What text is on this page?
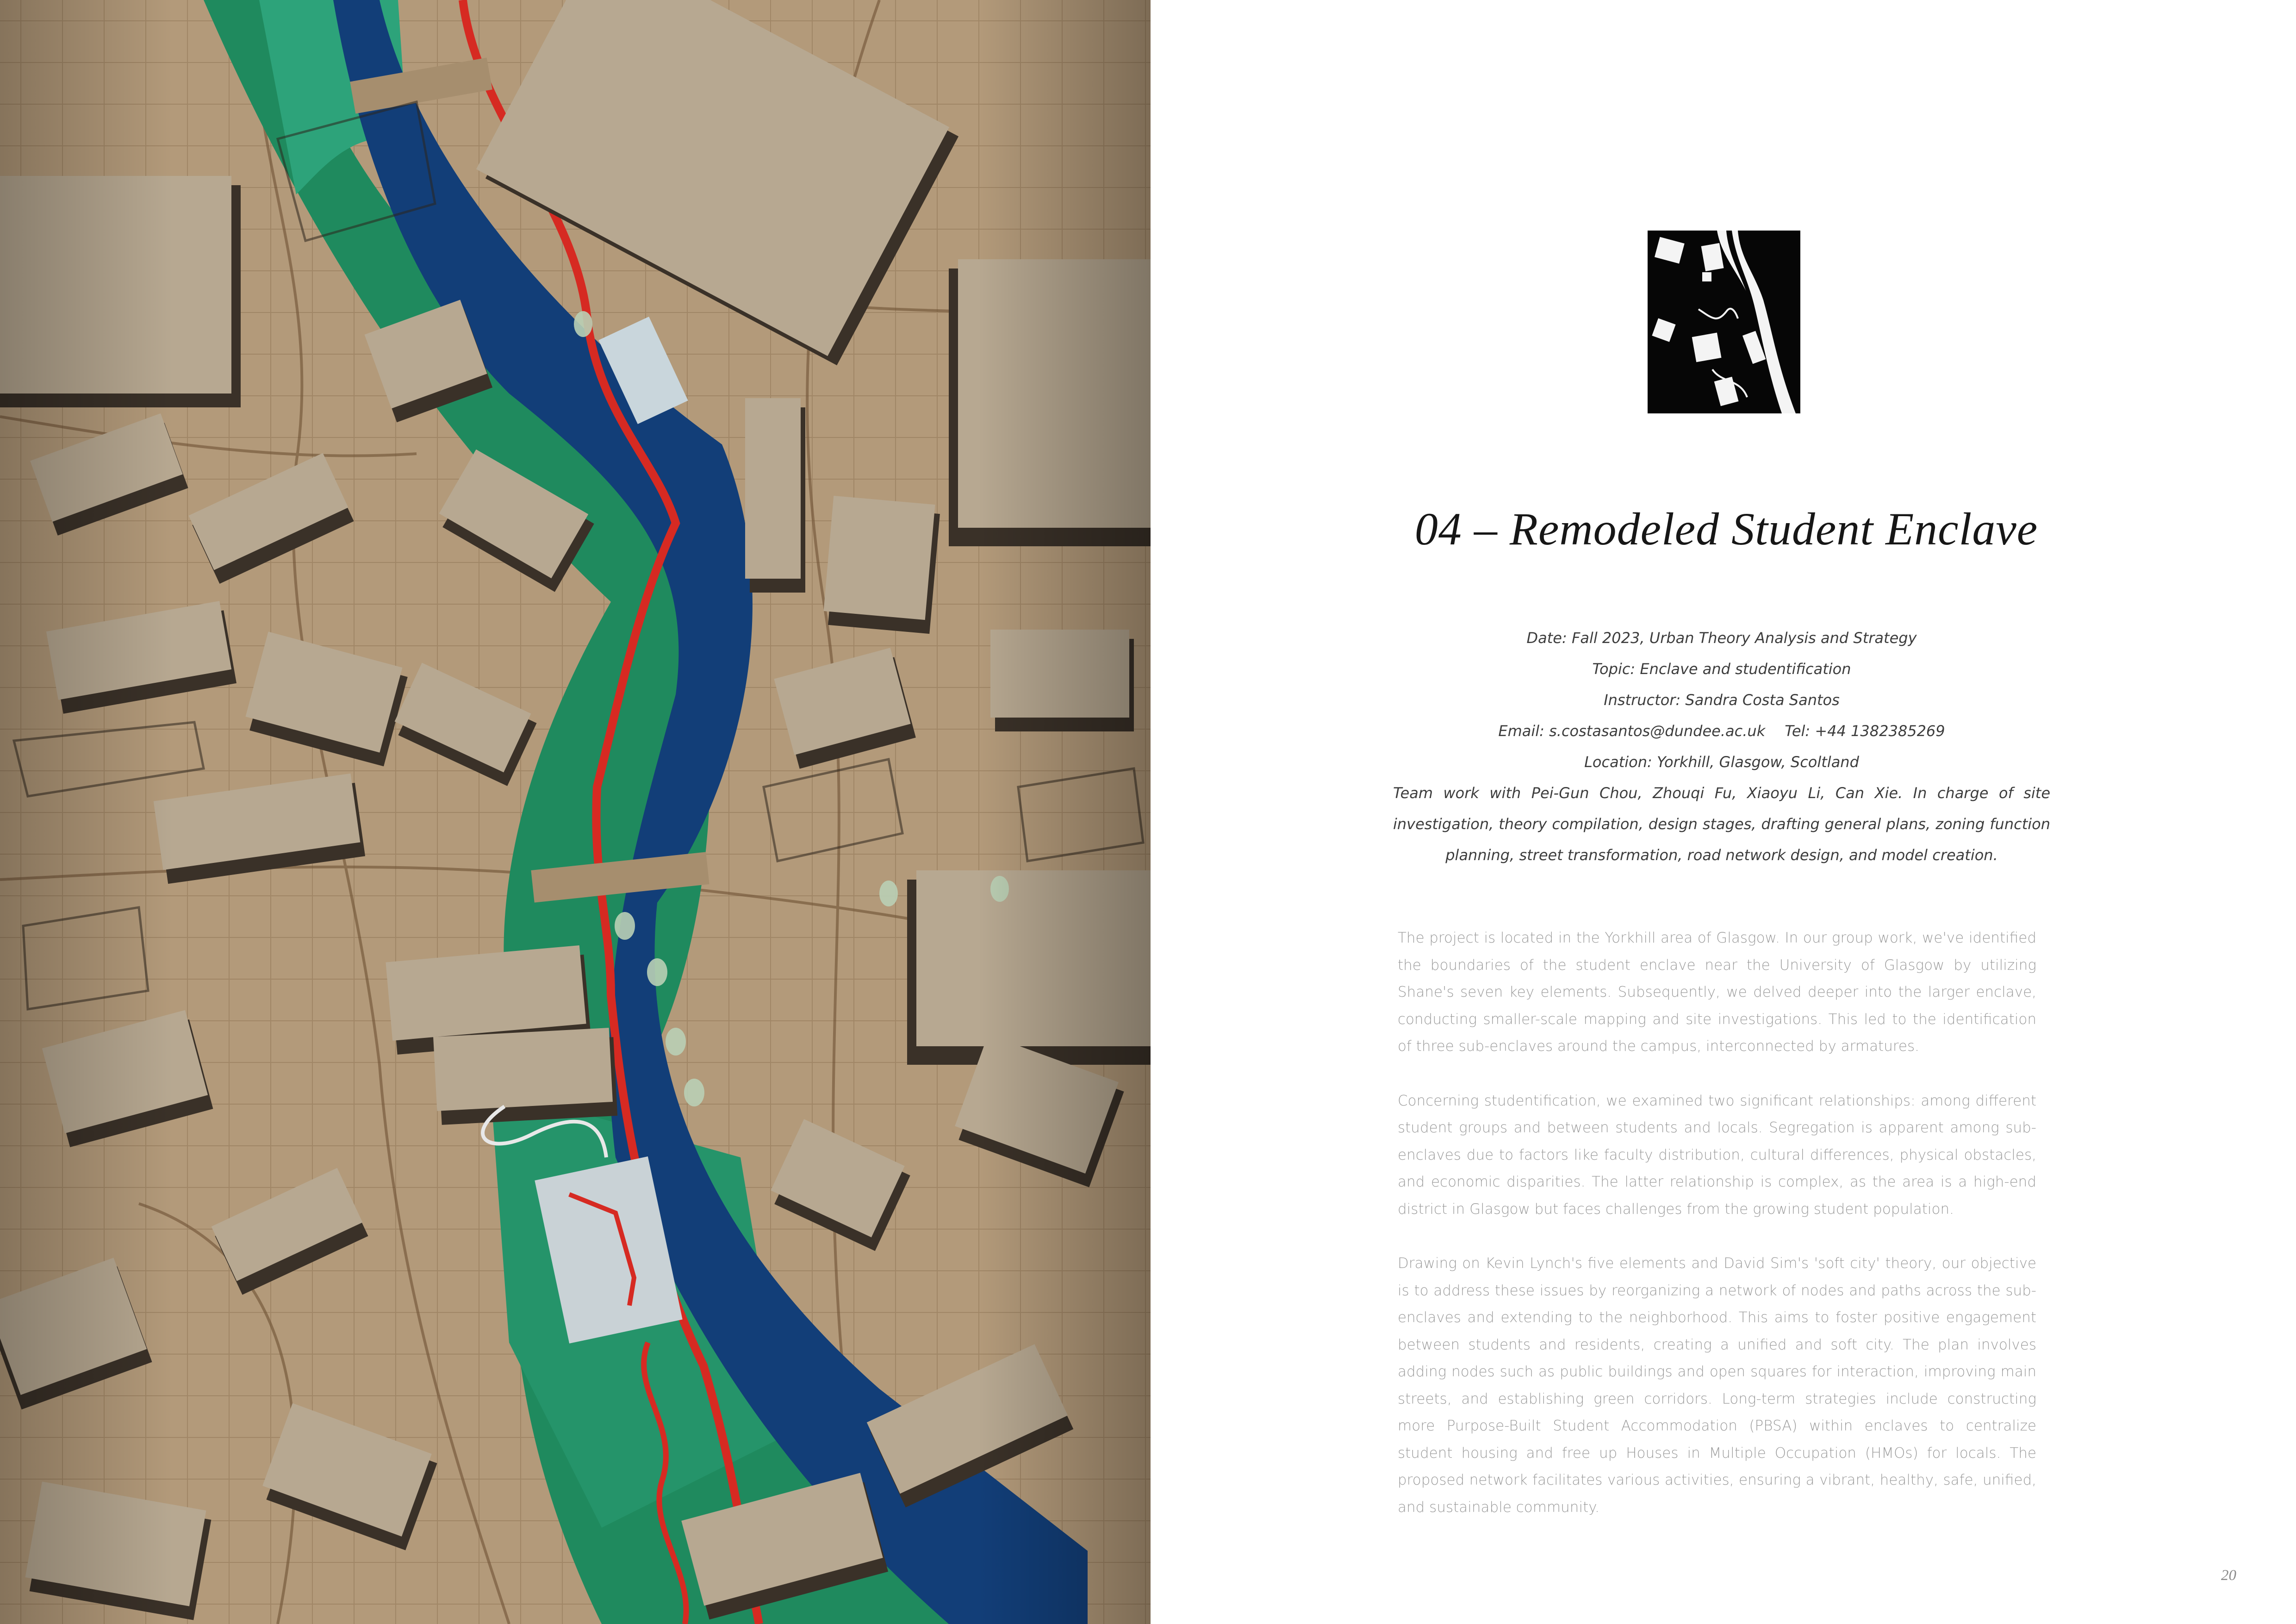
04 – Remodeled Student Enclave
Date: Fall 2023, Urban Theory Analysis and Strategy
Topic: Enclave and studentification
Instructor: Sandra Costa Santos
Email: s.costasantos@dundee.ac.uk Tel: +44 1382385269
Location: Yorkhill, Glasgow, Scoltland
Team work with Pei-Gun Chou, Zhouqi Fu, Xiaoyu Li, Can Xie. In charge of site investigation, theory compilation, design stages, drafting general plans, zoning function planning, street transformation, road network design, and model creation.

The project is located in the Yorkhill area of Glasgow. In our group work, we've identified the boundaries of the student enclave near the University of Glasgow by utilizing Shane's seven key elements. Subsequently, we delved deeper into the larger enclave, conducting smaller-scale mapping and site investigations. This led to the identification of three sub-enclaves around the campus, interconnected by armatures.

Concerning studentification, we examined two significant relationships: among different student groups and between students and locals. Segregation is apparent among sub-enclaves due to factors like faculty distribution, cultural differences, physical obstacles, and economic disparities. The latter relationship is complex, as the area is a high-end district in Glasgow but faces challenges from the growing student population.

Drawing on Kevin Lynch's five elements and David Sim's 'soft city' theory, our objective is to address these issues by reorganizing a network of nodes and paths across the sub-enclaves and extending to the neighborhood. This aims to foster positive engagement between students and residents, creating a unified and soft city. The plan involves adding nodes such as public buildings and open squares for interaction, improving main streets, and establishing green corridors. Long-term strategies include constructing more Purpose-Built Student Accommodation (PBSA) within enclaves to centralize student housing and free up Houses in Multiple Occupation (HMOs) for locals. The proposed network facilitates various activities, ensuring a vibrant, healthy, safe, unified, and sustainable community.

20
